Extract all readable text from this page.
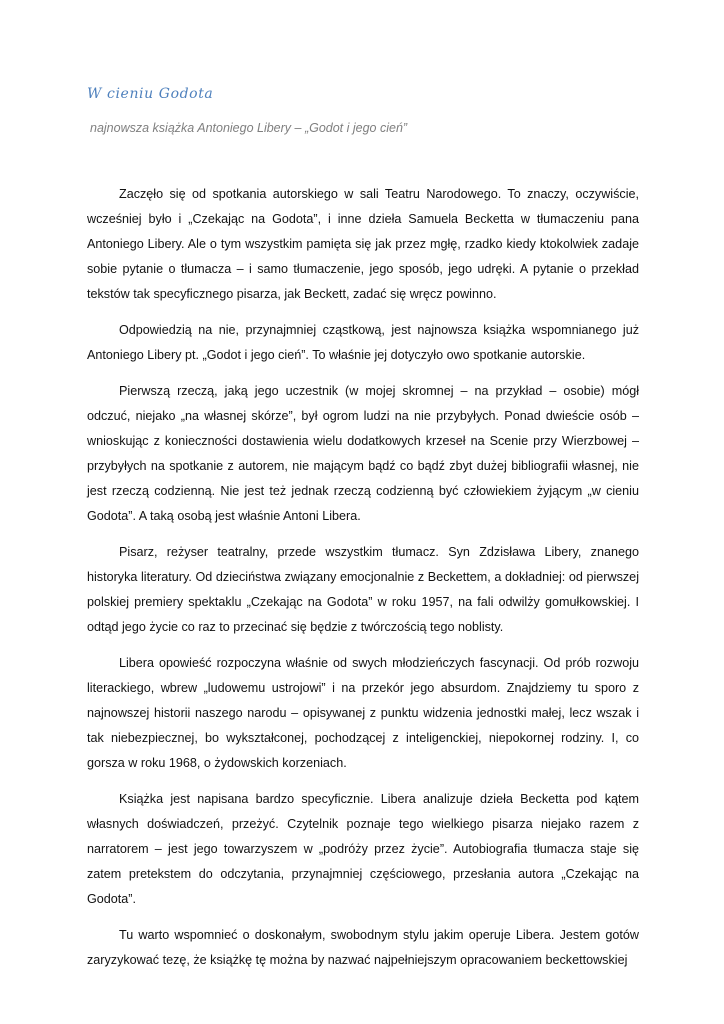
W cieniu Godota
najnowsza książka Antoniego Libery – „Godot i jego cień”

Zaczęło się od spotkania autorskiego w sali Teatru Narodowego. To znaczy, oczywiście, wcześniej było i „Czekając na Godota”, i inne dzieła Samuela Becketta w tłumaczeniu pana Antoniego Libery. Ale o tym wszystkim pamięta się jak przez mgłę, rzadko kiedy ktokolwiek zadaje sobie pytanie o tłumacza – i samo tłumaczenie, jego sposób, jego udręki. A pytanie o przekład tekstów tak specyficznego pisarza, jak Beckett, zadać się wręcz powinno.

Odpowiedzią na nie, przynajmniej cząstkową, jest najnowsza książka wspomnianego już Antoniego Libery pt. „Godot i jego cień”. To właśnie jej dotyczyło owo spotkanie autorskie.

Pierwszą rzeczą, jaką jego uczestnik (w mojej skromnej – na przykład – osobie) mógł odczuć, niejako „na własnej skórze”, był ogrom ludzi na nie przybyłych. Ponad dwieście osób – wnioskując z konieczności dostawienia wielu dodatkowych krzeseł na Scenie przy Wierzbowej – przybyłych na spotkanie z autorem, nie mającym bądź co bądź zbyt dużej bibliografii własnej, nie jest rzeczą codzienną. Nie jest też jednak rzeczą codzienną być człowiekiem żyjącym „w cieniu Godota”. A taką osobą jest właśnie Antoni Libera.

Pisarz, reżyser teatralny, przede wszystkim tłumacz. Syn Zdzisława Libery, znanego historyka literatury. Od dzieciństwa związany emocjonalnie z Beckettem, a dokładniej: od pierwszej polskiej premiery spektaklu „Czekając na Godota” w roku 1957, na fali odwilży gomułkowskiej. I odtąd jego życie co raz to przecinać się będzie z twórczością tego noblisty.

Libera opowieść rozpoczyna właśnie od swych młodzieńczych fascynacji. Od prób rozwoju literackiego, wbrew „ludowemu ustrojowi” i na przekór jego absurdom. Znajdziemy tu sporo z najnowszej historii naszego narodu – opisywanej z punktu widzenia jednostki małej, lecz wszak i tak niebezpiecznej, bo wykształconej, pochodzącej z inteligenckiej, niepokornej rodziny. I, co gorsza w roku 1968, o żydowskich korzeniach.

Książka jest napisana bardzo specyficznie. Libera analizuje dzieła Becketta pod kątem własnych doświadczeń, przeżyć. Czytelnik poznaje tego wielkiego pisarza niejako razem z narratorem – jest jego towarzyszem w „podróży przez życie”. Autobiografia tłumacza staje się zatem pretekstem do odczytania, przynajmniej częściowego, przesłania autora „Czekając na Godota”.

Tu warto wspomnieć o doskonałym, swobodnym stylu jakim operuje Libera. Jestem gotów zaryzykować tezę, że książkę tę można by nazwać najpełniejszym opracowaniem beckettowskiej
